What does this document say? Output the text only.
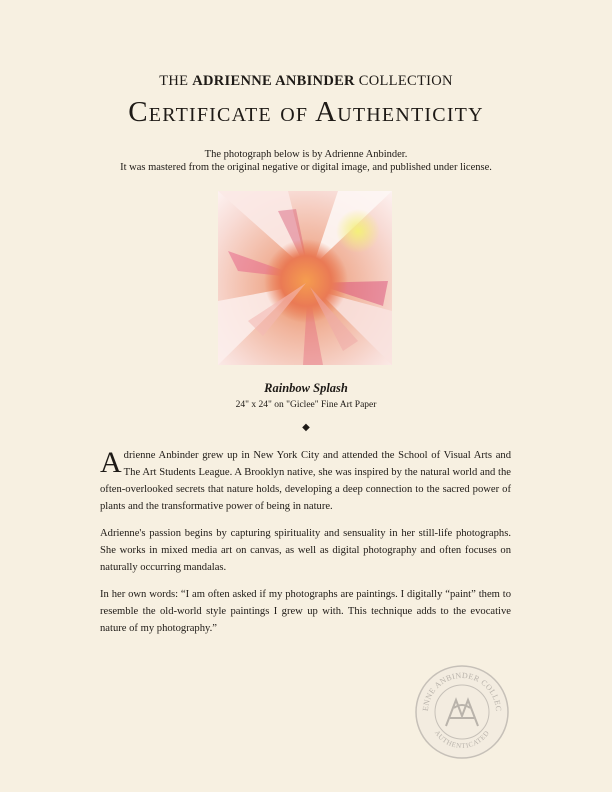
THE ADRIENNE ANBINDER COLLECTION
Certificate of Authenticity
The photograph below is by Adrienne Anbinder.
It was mastered from the original negative or digital image, and published under license.
Rainbow Splash
24" x 24" on "Giclee" Fine Art Paper
◆

Adrienne Anbinder grew up in New York City and attended the School of Visual Arts and The Art Students League. A Brooklyn native, she was inspired by the natural world and the often-overlooked secrets that nature holds, developing a deep connection to the sacred power of plants and the transformative power of being in nature.

Adrienne's passion begins by capturing spirituality and sensuality in her still-life photographs. She works in mixed media art on canvas, as well as digital photography and often focuses on naturally occurring mandalas.

In her own words: “I am often asked if my photographs are paintings. I digitally “paint” them to resemble the old-world style paintings I grew up with. This technique adds to the evocative nature of my photography.”

ENNE ANBINDER COLLEC
AUTHENTICATED
